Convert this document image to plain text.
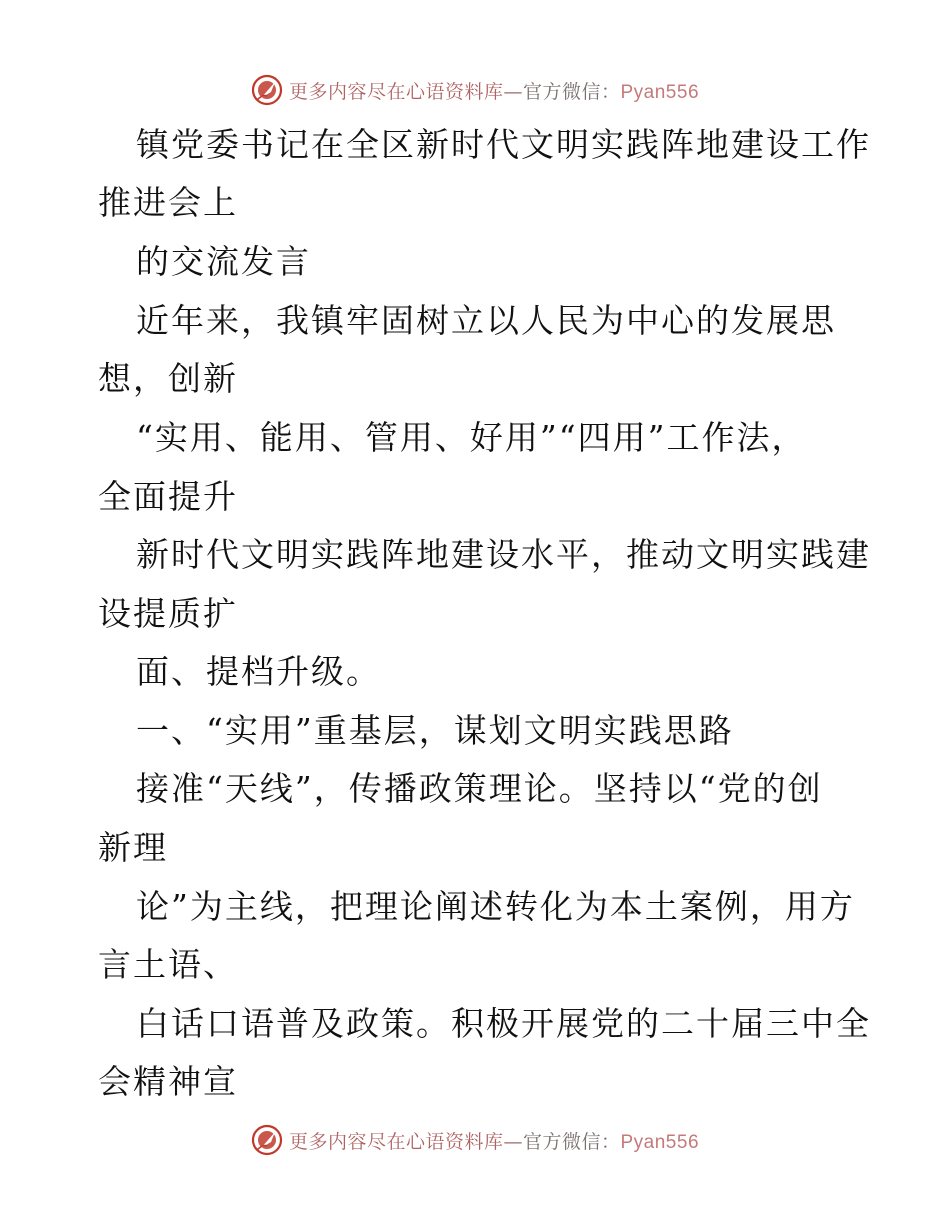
更多内容尽在心语资料库—官方微信：Pyan556
镇党委书记在全区新时代文明实践阵地建设工作
推进会上
的交流发言
近年来，我镇牢固树立以人民为中心的发展思
想，创新
“实用、能用、管用、好用”“四用”工作法，
全面提升
新时代文明实践阵地建设水平，推动文明实践建
设提质扩
面、提档升级。
一、“实用”重基层，谋划文明实践思路
接准“天线”，传播政策理论。坚持以“党的创
新理
论”为主线，把理论阐述转化为本土案例，用方
言土语、
白话口语普及政策。积极开展党的二十届三中全
会精神宣
更多内容尽在心语资料库—官方微信：Pyan556
